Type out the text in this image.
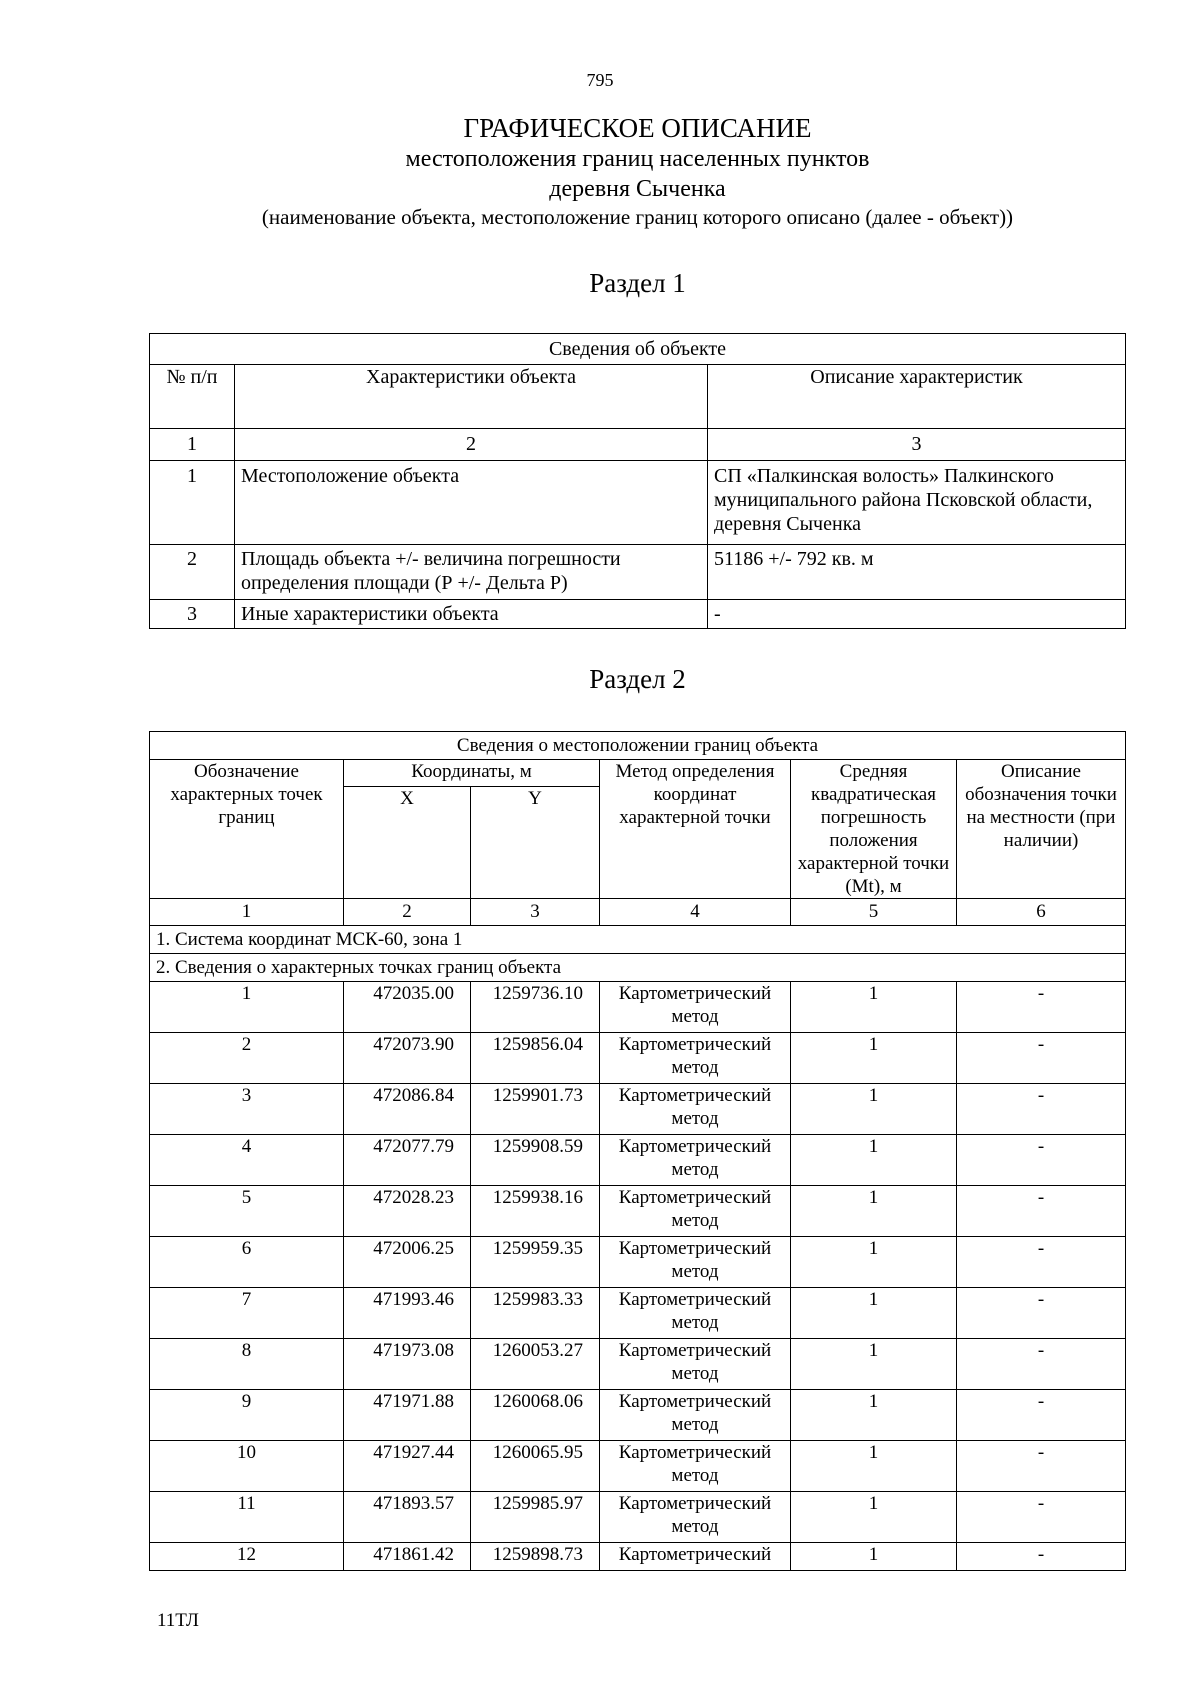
795
ГРАФИЧЕСКОЕ ОПИСАНИЕ
местоположения границ населенных пунктов
деревня Сыченка
(наименование объекта, местоположение границ которого описано (далее - объект))
Раздел 1
Сведения об объекте		
№ п/п	Характеристики объекта	Описание характеристик
1	2	3
1	Местоположение объекта	СП «Палкинская волость» Палкинского муниципального района Псковской области, деревня Сыченка
2	Площадь объекта +/- величина погрешности определения площади (Р +/- Дельта Р)	51186 +/- 792 кв. м
3	Иные характеристики объекта	-
Раздел 2
Сведения о местоположении границ объекта					
Обозначение характерных точек границ	Координаты, м		Метод определения координат характерной точки	Средняя квадратическая погрешность положения характерной точки (Mt), м	Описание обозначения точки на местности (при наличии)
	X	Y			
1	2	3	4	5	6
1. Система координат МСК-60, зона 1					
2. Сведения о характерных точках границ объекта					
1	472035.00	1259736.10	Картометрический метод	1	-
2	472073.90	1259856.04	Картометрический метод	1	-
3	472086.84	1259901.73	Картометрический метод	1	-
4	472077.79	1259908.59	Картометрический метод	1	-
5	472028.23	1259938.16	Картометрический метод	1	-
6	472006.25	1259959.35	Картометрический метод	1	-
7	471993.46	1259983.33	Картометрический метод	1	-
8	471973.08	1260053.27	Картометрический метод	1	-
9	471971.88	1260068.06	Картометрический метод	1	-
10	471927.44	1260065.95	Картометрический метод	1	-
11	471893.57	1259985.97	Картометрический метод	1	-
12	471861.42	1259898.73	Картометрический	1	-
11ТЛ
